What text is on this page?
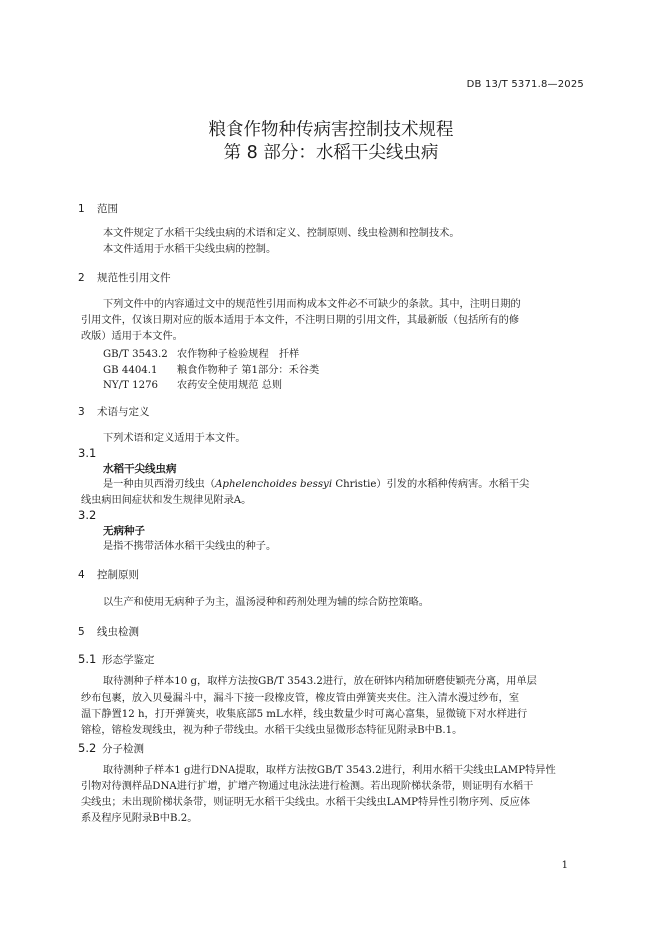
DB 13/T 5371.8—2025
粮食作物种传病害控制技术规程
第 8 部分：水稻干尖线虫病
1 范围
本文件规定了水稻干尖线虫病的术语和定义、控制原则、线虫检测和控制技术。
本文件适用于水稻干尖线虫病的控制。
2 规范性引用文件
下列文件中的内容通过文中的规范性引用而构成本文件必不可缺少的条款。其中，注明日期的
引用文件，仅该日期对应的版本适用于本文件，不注明日期的引用文件，其最新版（包括所有的修
改版）适用于本文件。
GB/T 3543.2 农作物种子检验规程　扦样
GB 4404.1 粮食作物种子 第1部分：禾谷类
NY/T 1276 农药安全使用规范 总则
3 术语与定义
下列术语和定义适用于本文件。
3.1
水稻干尖线虫病
是一种由贝西滑刃线虫（Aphelenchoides bessyi Christie）引发的水稻种传病害。水稻干尖
线虫病田间症状和发生规律见附录A。
3.2
无病种子
是指不携带活体水稻干尖线虫的种子。
4 控制原则
以生产和使用无病种子为主，温汤浸种和药剂处理为辅的综合防控策略。
5 线虫检测
5.1 形态学鉴定
取待测种子样本10 g，取样方法按GB/T 3543.2进行，放在研钵内稍加研磨使颖壳分离，用单层
纱布包裹，放入贝曼漏斗中，漏斗下接一段橡皮管，橡皮管由弹簧夹夹住。注入清水漫过纱布，室
温下静置12 h，打开弹簧夹，收集底部5 mL水样，线虫数量少时可离心富集，显微镜下对水样进行
镕检，镕检发现线虫，视为种子带线虫。水稻干尖线虫显微形态特征见附录B中B.1。
5.2 分子检测
取待测种子样本1 g进行DNA提取，取样方法按GB/T 3543.2进行，利用水稻干尖线虫LAMP特异性
引物对待测样品DNA进行扩增，扩增产物通过电泳法进行检测。若出现阶梯状条带，则证明有水稻干
尖线虫；未出现阶梯状条带，则证明无水稻干尖线虫。水稻干尖线虫LAMP特异性引物序列、反应体
系及程序见附录B中B.2。
1
